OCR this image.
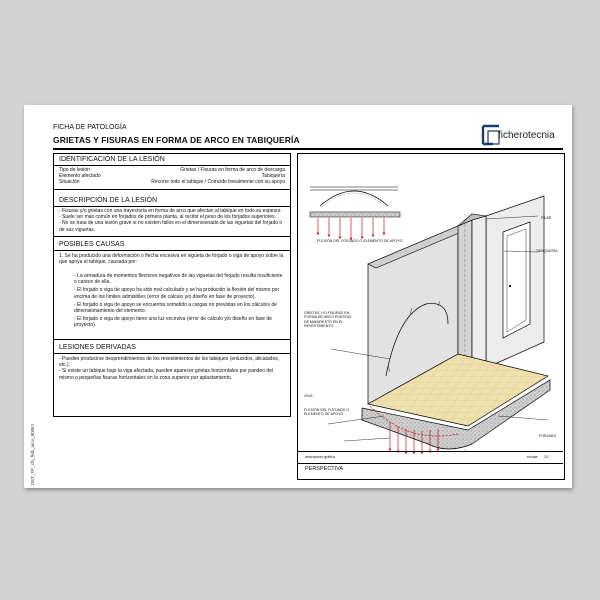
FICHA DE PATOLOGÍA
GRIETAS Y FISURAS EN FORMA DE ARCO EN TABIQUERÍA	ficherotecnia
IDENTIFICACIÓN DE LA LESIÓN
Tipo de lesión	Grietas / Fisuras en forma de arco de descarga
Elemento afectado	Tabiquería
Situación	Recorre todo el tabique / Coincide linealmente con su apoyo
DESCRIPCIÓN DE LA LESIÓN
- Fisuras y/o grietas con una trayectoria en forma de arco que afectan al tabique en todo su espesor.
- Suele ser más común en forjados de primera planta, al recibir el peso de los forjados superiores.
- No se trata de una lesión grave si no existen fallos en el dimensionado de las viguetas del forjado o de sus viguetas.
POSIBLES CAUSAS
1. Se ha producido una deformación o flecha excesiva en vigueta de forjado o viga de apoyo sobre la que apoya el tabique, causada por:
- La armadura de momentos flectores negativos de las viguetas del forjado resulta insuficiente o carece de ella.
- El forjado o viga de apoyo ha sido mal calculado y se ha producido la flexión del mismo por encima de los límites admisibles (error de cálculo y/o diseño en fase de proyecto).
- El forjado o viga de apoyo se encuentra sometido a cargas no previstas en los cálculos de dimensionamiento del elemento.
- El forjado o viga de apoyo tiene una luz excesiva (error de cálculo y/o diseño en fase de proyecto).
LESIONES DERIVADAS
- Pueden producirse desprendimientos de los revestimientos de los tabiques (enlucidos, alicatados, etc.).
- Si existe un tabique bajo la viga afectada, pueden aparecer grietas horizontales por pandeo del mismo o pequeñas fisuras horizontales en la zona superior por aplastamiento.
PILAR
TABIQUERÍA
FLEXIÓN DEL FORJADO O ELEMENTO DE APOYO
GRIETAS Y/O FISURAS EN FORMA DE ARCO PUESTAS DE MANIFIESTO EN EL REVESTIMIENTO
VIGA
FLEXIÓN DEL FORJADO O ELEMENTO DE APOYO
FORJADO
descripción gráfica	escala 1/1
PERSPECTIVA
DET_FP_cfs_fisb_arco_0008 I
